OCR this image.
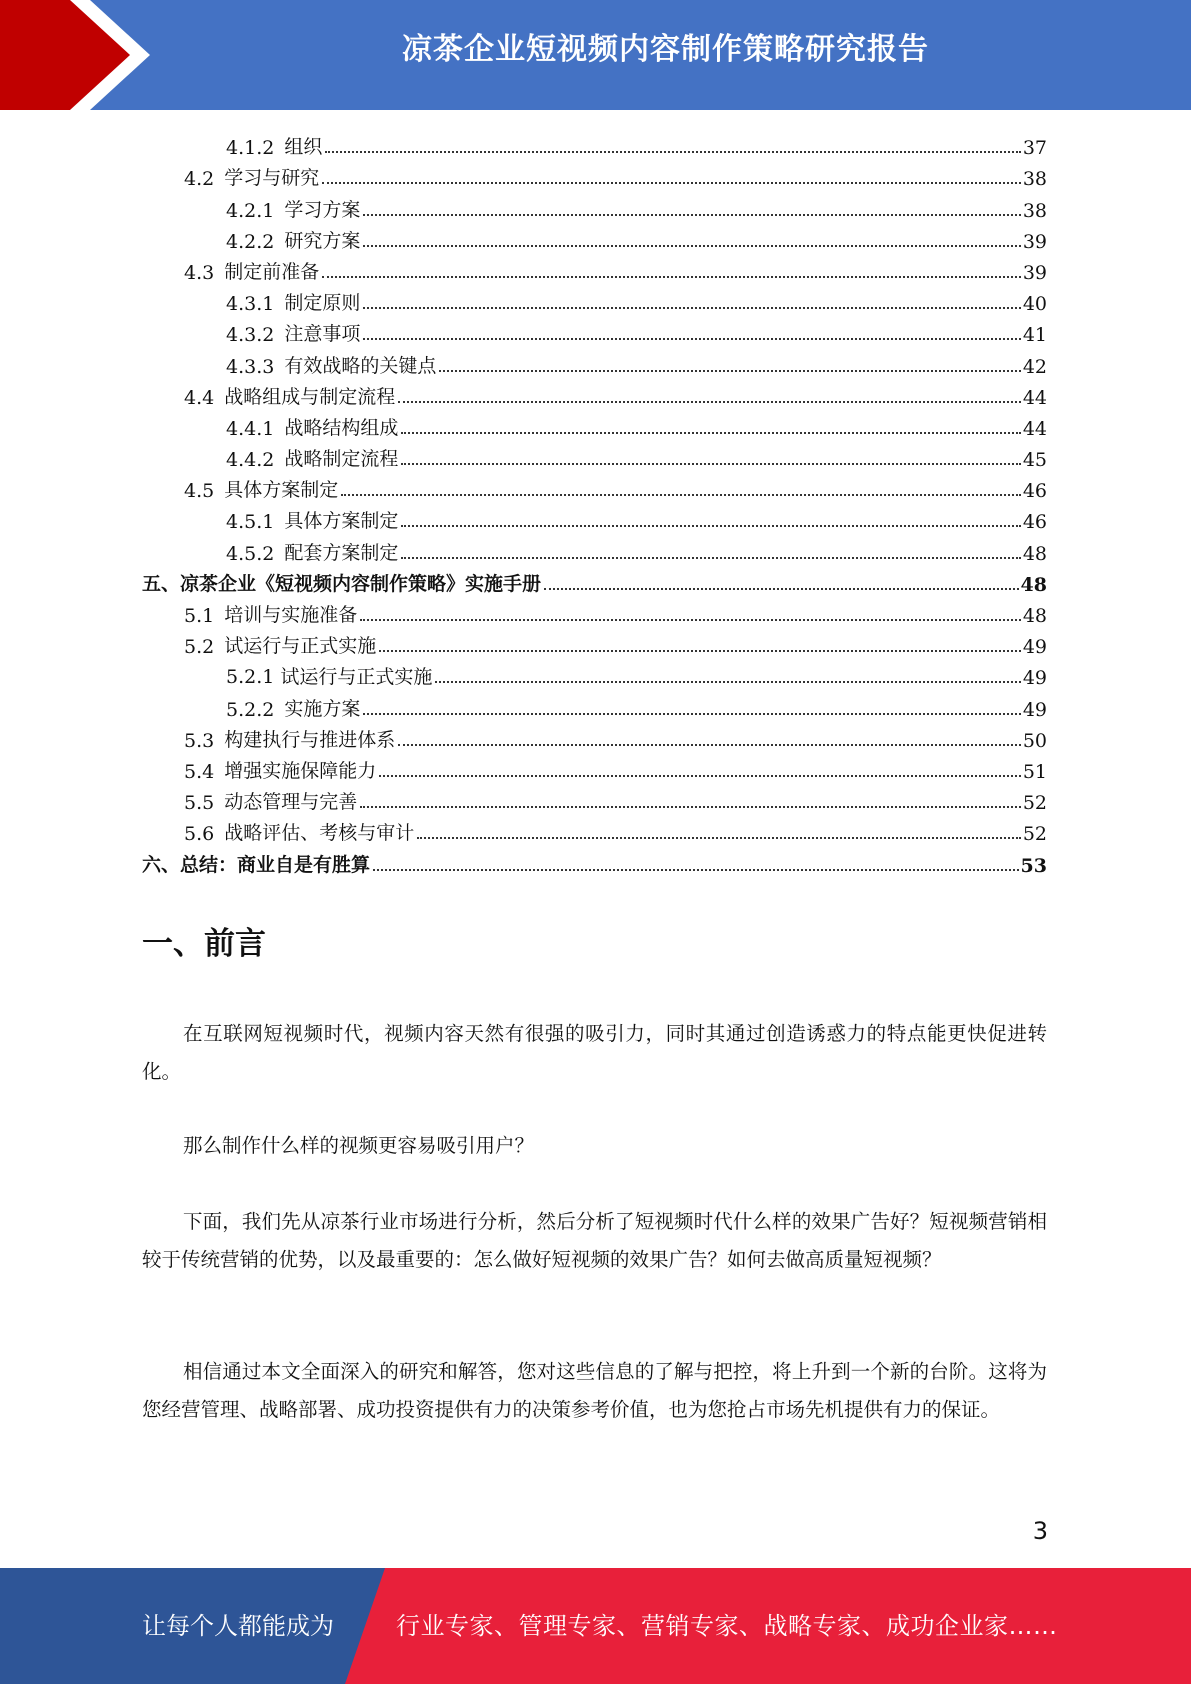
凉茶企业短视频内容制作策略研究报告
4.1.2 组织	37
4.2 学习与研究	38
4.2.1 学习方案	38
4.2.2 研究方案	39
4.3 制定前准备	39
4.3.1 制定原则	40
4.3.2 注意事项	41
4.3.3 有效战略的关键点	42
4.4 战略组成与制定流程	44
4.4.1 战略结构组成	44
4.4.2 战略制定流程	45
4.5 具体方案制定	46
4.5.1 具体方案制定	46
4.5.2 配套方案制定	48
五、凉茶企业《短视频内容制作策略》实施手册	48
5.1 培训与实施准备	48
5.2 试运行与正式实施	49
5.2.1 试运行与正式实施	49
5.2.2 实施方案	49
5.3 构建执行与推进体系	50
5.4 增强实施保障能力	51
5.5 动态管理与完善	52
5.6 战略评估、考核与审计	52
六、总结：商业自是有胜算	53
一、前言

在互联网短视频时代，视频内容天然有很强的吸引力，同时其通过创造诱惑力的特点能更快促进转化。

那么制作什么样的视频更容易吸引用户？

下面，我们先从凉茶行业市场进行分析，然后分析了短视频时代什么样的效果广告好？短视频营销相较于传统营销的优势，以及最重要的：怎么做好短视频的效果广告？如何去做高质量短视频？

相信通过本文全面深入的研究和解答，您对这些信息的了解与把控，将上升到一个新的台阶。这将为您经营管理、战略部署、成功投资提供有力的决策参考价值，也为您抢占市场先机提供有力的保证。

3
让每个人都能成为	行业专家、管理专家、营销专家、战略专家、成功企业家……
